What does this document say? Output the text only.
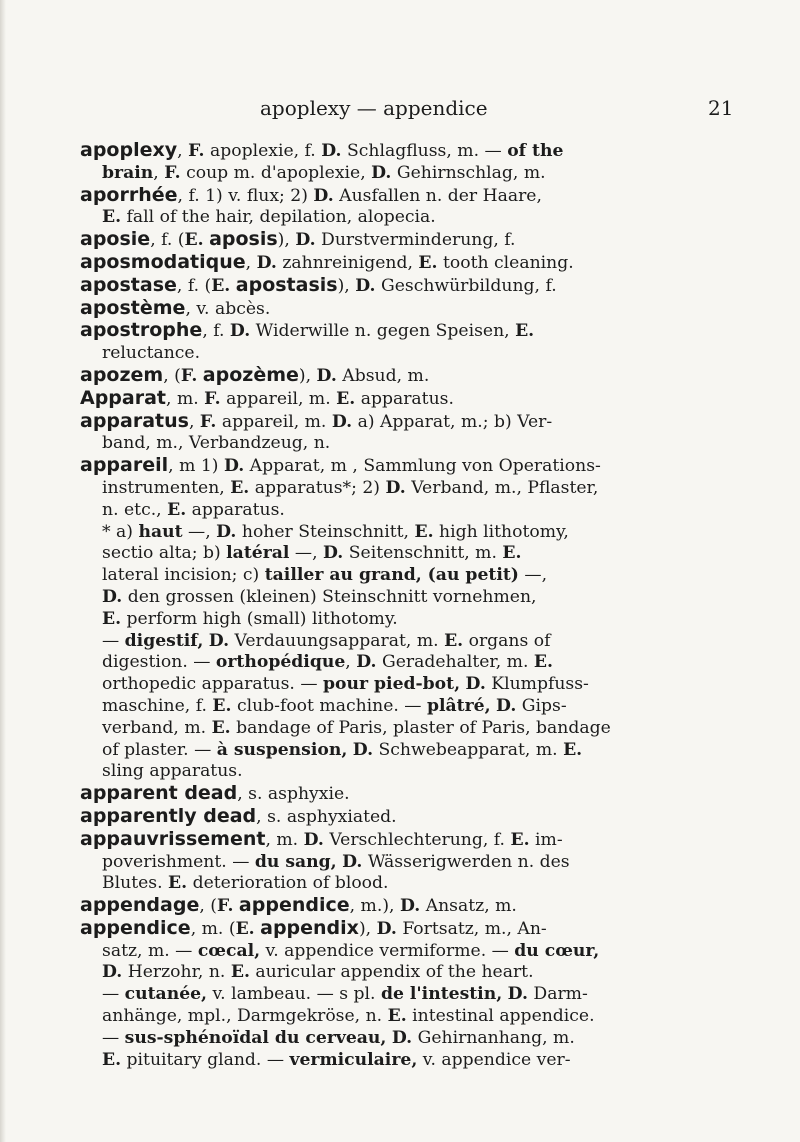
apoplexy — appendice	21
apoplexy, F. apoplexie, f. D. Schlagfluss, m. — of the
brain, F. coup m. d'apoplexie, D. Gehirnschlag, m.
aporrhée, f. 1) v. flux; 2) D. Ausfallen n. der Haare,
E. fall of the hair, depilation, alopecia.
aposie, f. (E. aposis), D. Durstverminderung, f.
aposmodatique, D. zahnreinigend, E. tooth cleaning.
apostase, f. (E. apostasis), D. Geschwürbildung, f.
apostème, v. abcès.
apostrophe, f. D. Widerwille n. gegen Speisen, E.
reluctance.
apozem, (F. apozème), D. Absud, m.
Apparat, m. F. appareil, m. E. apparatus.
apparatus, F. appareil, m. D. a) Apparat, m.; b) Ver-
band, m., Verbandzeug, n.
appareil, m 1) D. Apparat, m , Sammlung von Operations-
instrumenten, E. apparatus*; 2) D. Verband, m., Pflaster,
n. etc., E. apparatus.
* a) haut —, D. hoher Steinschnitt, E. high lithotomy,
sectio alta; b) latéral —, D. Seitenschnitt, m. E.
lateral incision; c) tailler au grand, (au petit) —,
D. den grossen (kleinen) Steinschnitt vornehmen,
E. perform high (small) lithotomy.
— digestif, D. Verdauungsapparat, m. E. organs of
digestion. — orthopédique, D. Geradehalter, m. E.
orthopedic apparatus. — pour pied-bot, D. Klumpfuss-
maschine, f. E. club-foot machine. — plâtré, D. Gips-
verband, m. E. bandage of Paris, plaster of Paris, bandage
of plaster. — à suspension, D. Schwebeapparat, m. E.
sling apparatus.
apparent dead, s. asphyxie.
apparently dead, s. asphyxiated.
appauvrissement, m. D. Verschlechterung, f. E. im-
poverishment. — du sang, D. Wässerigwerden n. des
Blutes. E. deterioration of blood.
appendage, (F. appendice, m.), D. Ansatz, m.
appendice, m. (E. appendix), D. Fortsatz, m., An-
satz, m. — cœcal, v. appendice vermiforme. — du cœur,
D. Herzohr, n. E. auricular appendix of the heart.
— cutanée, v. lambeau. — s pl. de l'intestin, D. Darm-
anhänge, mpl., Darmgekröse, n. E. intestinal appendice.
— sus-sphénoïdal du cerveau, D. Gehirnanhang, m.
E. pituitary gland. — vermiculaire, v. appendice ver-
